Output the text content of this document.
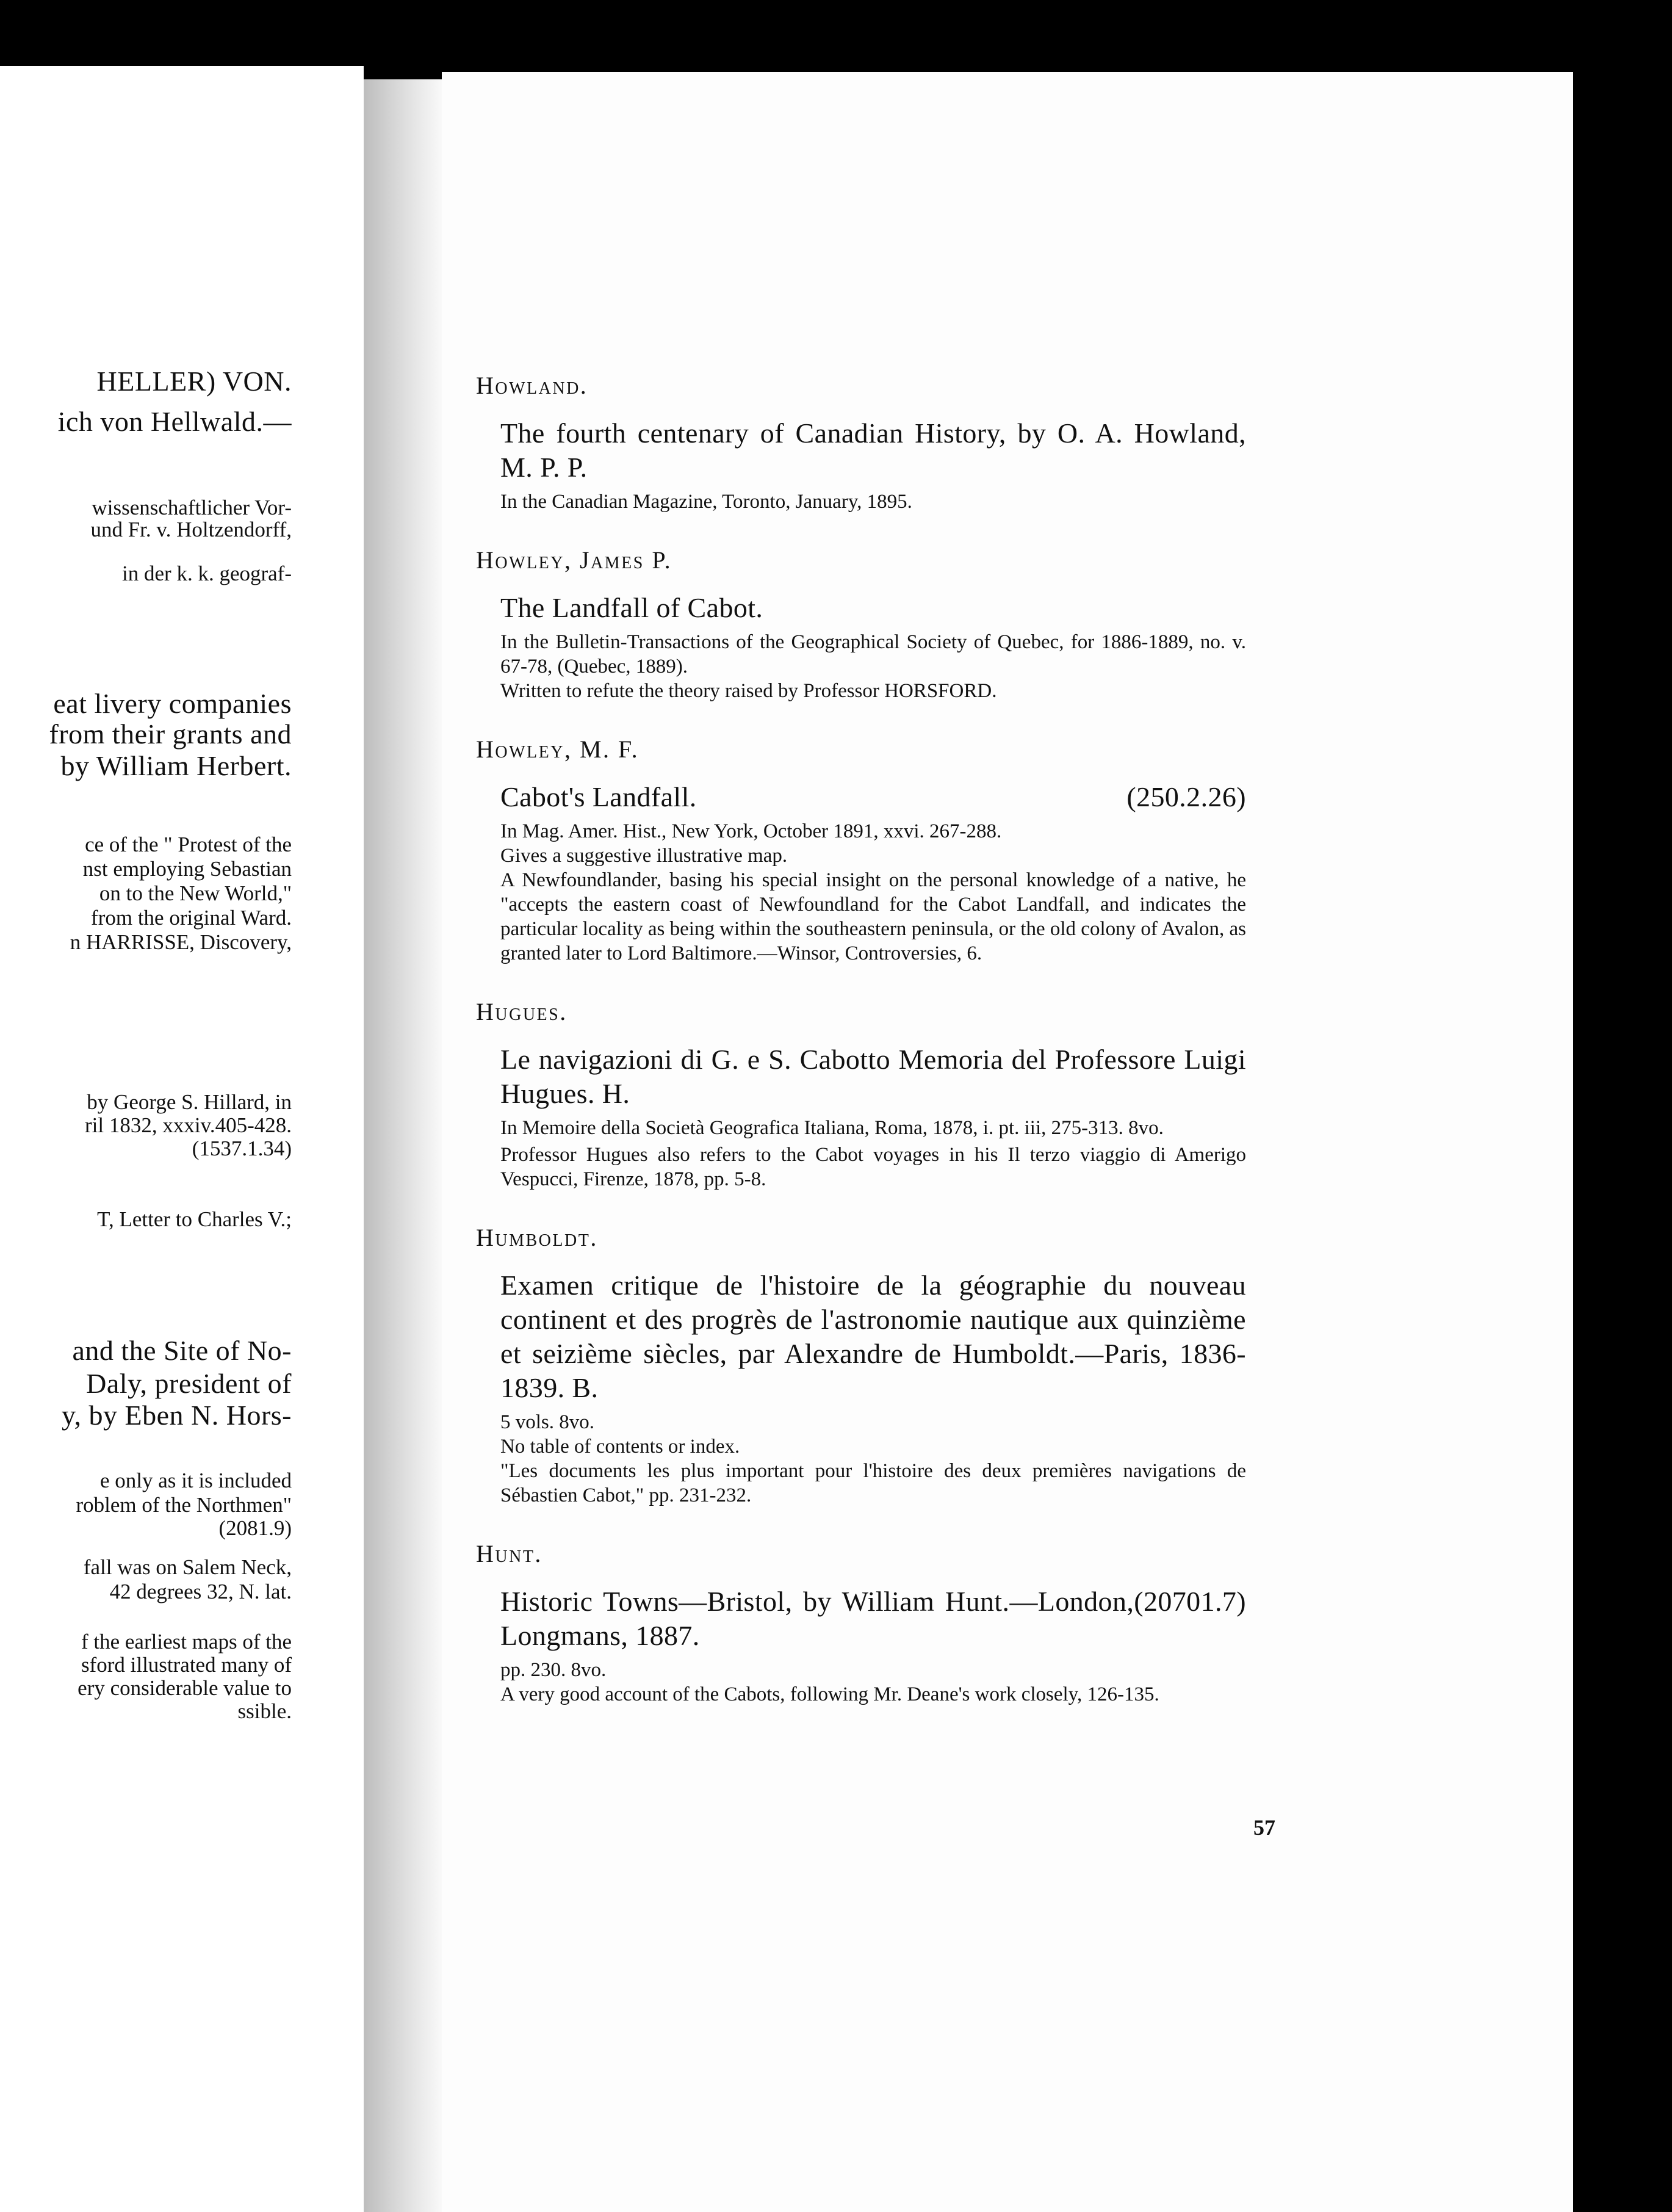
HELLER) VON.
ich von Hellwald.—
wissenschaftlicher Vor-
und Fr. v. Holtzendorff,
in der k. k. geograf-
eat livery companies
from their grants and
by William Herbert.
ce of the " Protest of the
nst employing Sebastian
on to the New World,"
from the original Ward.
n HARRISSE, Discovery,
by George S. Hillard, in
ril 1832, xxxiv.405-428.
(1537.1.34)
T, Letter to Charles V.;
and the Site of No-
Daly, president of
y, by Eben N. Hors-
e only as it is included
roblem of the Northmen"
(2081.9)
fall was on Salem Neck,
42 degrees 32, N. lat.
f the earliest maps of the
sford illustrated many of
ery considerable value to
ssible.
Howland.
The fourth centenary of Canadian History, by O. A. Howland, M. P. P.
In the Canadian Magazine, Toronto, January, 1895.
Howley, James P.
The Landfall of Cabot.
In the Bulletin-Transactions of the Geographical Society of Quebec, for 1886-1889, no. v. 67-78, (Quebec, 1889).
Written to refute the theory raised by Professor HORSFORD.
Howley, M. F.
(250.2.26)
Cabot's Landfall.
In Mag. Amer. Hist., New York, October 1891, xxvi. 267-288.
Gives a suggestive illustrative map.
A Newfoundlander, basing his special insight on the personal knowledge of a native, he "accepts the eastern coast of Newfoundland for the Cabot Landfall, and indicates the particular locality as being within the southeastern peninsula, or the old colony of Avalon, as granted later to Lord Baltimore.—Winsor, Controversies, 6.
Hugues.
Le navigazioni di G. e S. Cabotto Memoria del Professore Luigi Hugues. H.
In Memoire della Società Geografica Italiana, Roma, 1878, i. pt. iii, 275-313. 8vo.
Professor Hugues also refers to the Cabot voyages in his Il terzo viaggio di Amerigo Vespucci, Firenze, 1878, pp. 5-8.
Humboldt.
Examen critique de l'histoire de la géographie du nouveau continent et des progrès de l'astronomie nautique aux quinzième et seizième siècles, par Alexandre de Humboldt.—Paris, 1836-1839. B.
5 vols. 8vo.
No table of contents or index.
"Les documents les plus important pour l'histoire des deux premières navigations de Sébastien Cabot," pp. 231-232.
Hunt.
(20701.7)
Historic Towns—Bristol, by William Hunt.—London, Longmans, 1887.
pp. 230. 8vo.
A very good account of the Cabots, following Mr. Deane's work closely, 126-135.
57
